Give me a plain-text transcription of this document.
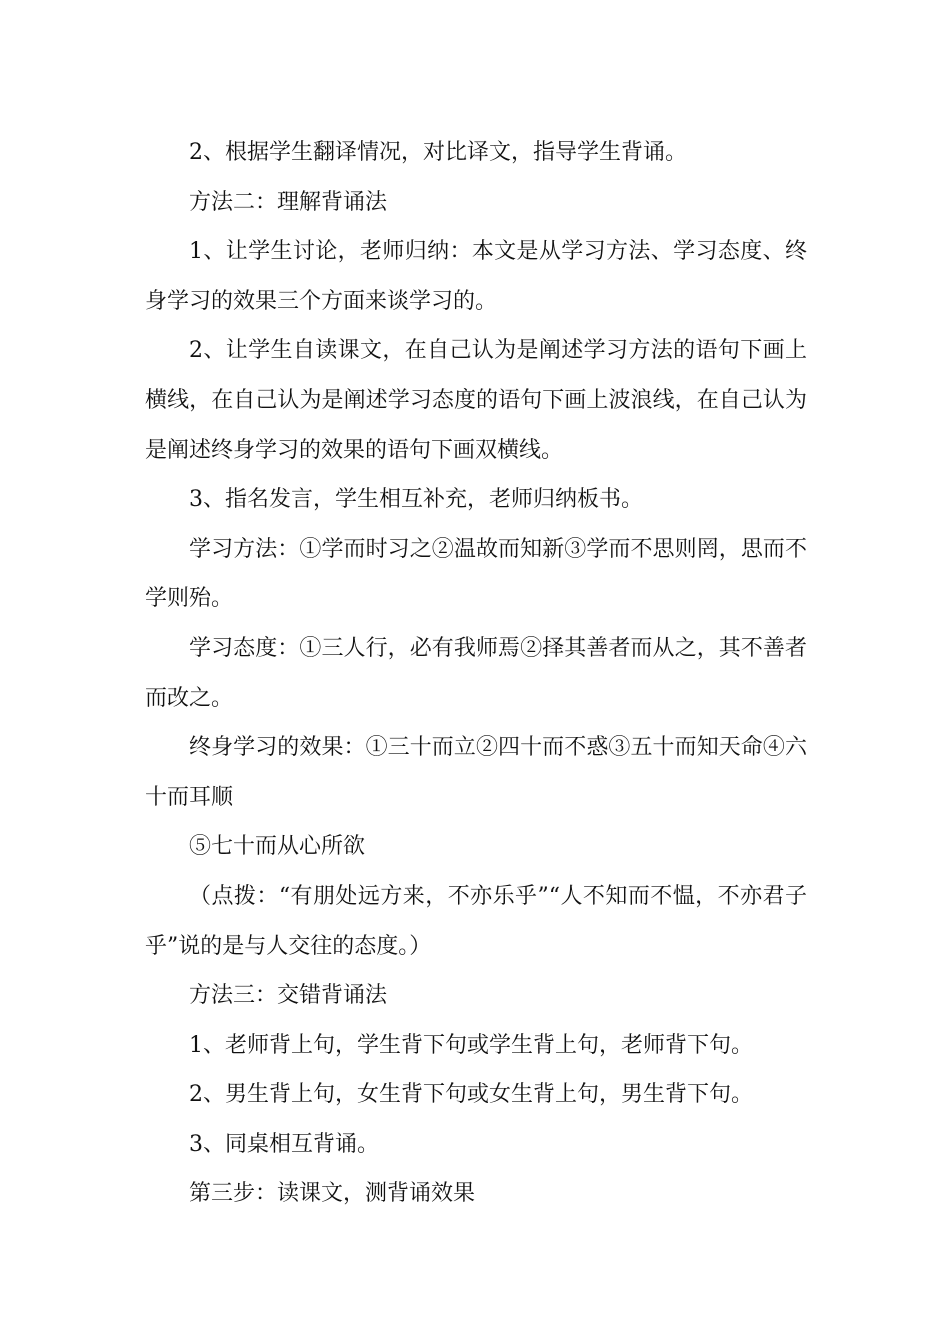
2、根据学生翻译情况，对比译文，指导学生背诵。

方法二：理解背诵法

1、让学生讨论，老师归纳：本文是从学习方法、学习态度、终身学习的效果三个方面来谈学习的。

2、让学生自读课文，在自己认为是阐述学习方法的语句下画上横线，在自己认为是阐述学习态度的语句下画上波浪线，在自己认为是阐述终身学习的效果的语句下画双横线。

3、指名发言，学生相互补充，老师归纳板书。

学习方法：①学而时习之②温故而知新③学而不思则罔，思而不学则殆。

学习态度：①三人行，必有我师焉②择其善者而从之，其不善者而改之。

终身学习的效果：①三十而立②四十而不惑③五十而知天命④六十而耳顺

⑤七十而从心所欲

（点拨：“有朋处远方来，不亦乐乎”“人不知而不愠，不亦君子乎”说的是与人交往的态度。）

方法三：交错背诵法

1、老师背上句，学生背下句或学生背上句，老师背下句。

2、男生背上句，女生背下句或女生背上句，男生背下句。

3、同桌相互背诵。

第三步：读课文，测背诵效果
